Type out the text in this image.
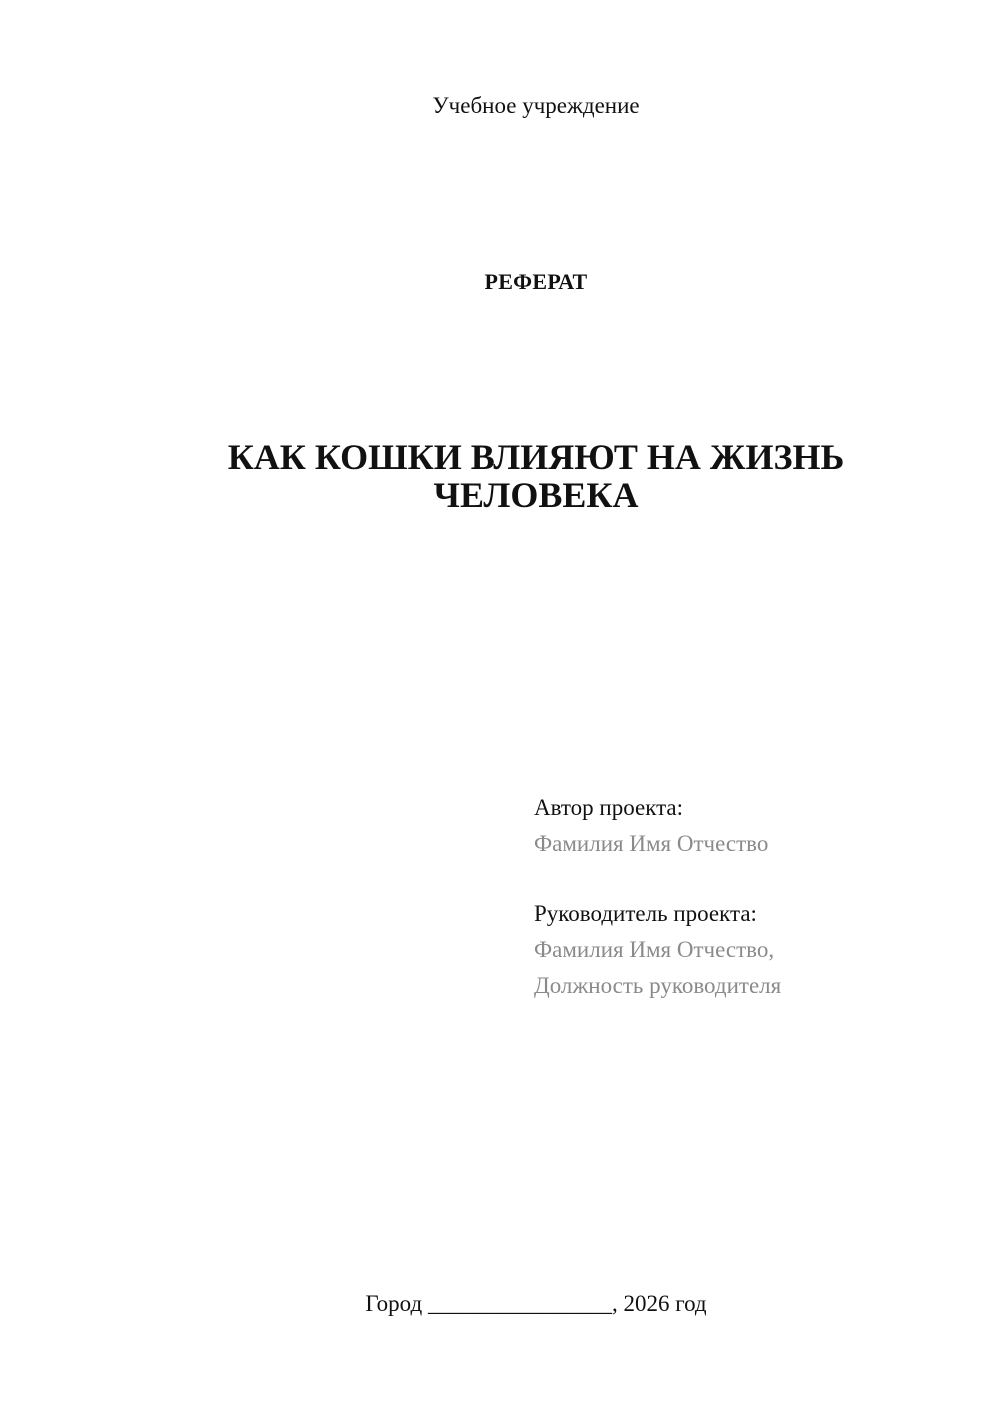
Учебное учреждение
РЕФЕРАТ
КАК КОШКИ ВЛИЯЮТ НА ЖИЗНЬ
ЧЕЛОВЕКА
Автор проекта:
Фамилия Имя Отчество
Руководитель проекта:
Фамилия Имя Отчество,
Должность руководителя
Город ________________, 2026 год
